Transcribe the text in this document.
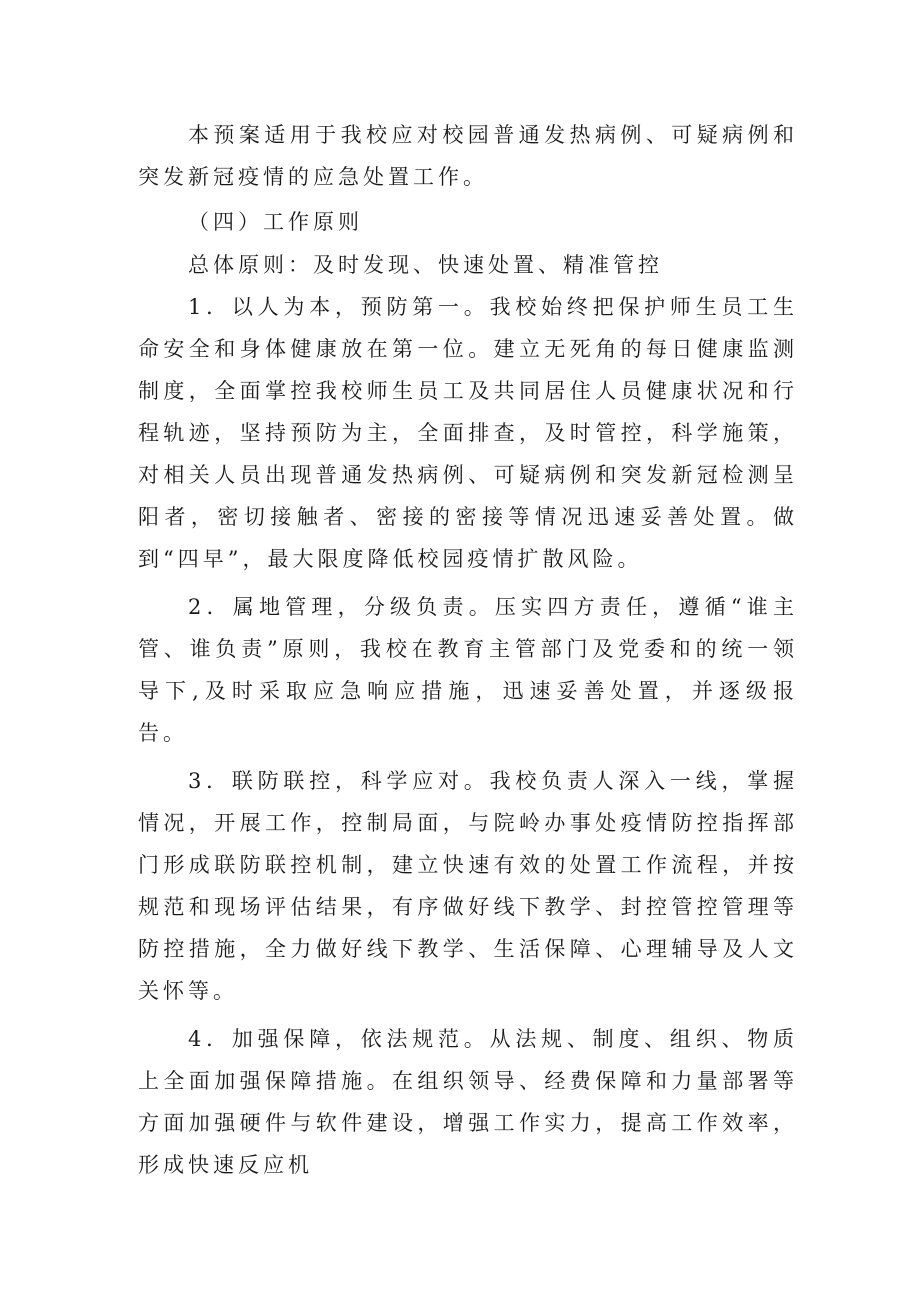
本预案适用于我校应对校园普通发热病例、可疑病例和突发新冠疫情的应急处置工作。

（四）工作原则

总体原则：及时发现、快速处置、精准管控

1．以人为本，预防第一。我校始终把保护师生员工生命安全和身体健康放在第一位。建立无死角的每日健康监测制度，全面掌控我校师生员工及共同居住人员健康状况和行程轨迹，坚持预防为主，全面排查，及时管控，科学施策，对相关人员出现普通发热病例、可疑病例和突发新冠检测呈阳者，密切接触者、密接的密接等情况迅速妥善处置。做到“四早”，最大限度降低校园疫情扩散风险。

2．属地管理，分级负责。压实四方责任，遵循“谁主管、谁负责”原则，我校在教育主管部门及党委和的统一领导下,及时采取应急响应措施，迅速妥善处置，并逐级报告。

3．联防联控，科学应对。我校负责人深入一线，掌握情况，开展工作，控制局面，与院岭办事处疫情防控指挥部门形成联防联控机制，建立快速有效的处置工作流程，并按规范和现场评估结果，有序做好线下教学、封控管控管理等防控措施，全力做好线下教学、生活保障、心理辅导及人文关怀等。

4．加强保障，依法规范。从法规、制度、组织、物质上全面加强保障措施。在组织领导、经费保障和力量部署等方面加强硬件与软件建设，增强工作实力，提高工作效率，形成快速反应机
